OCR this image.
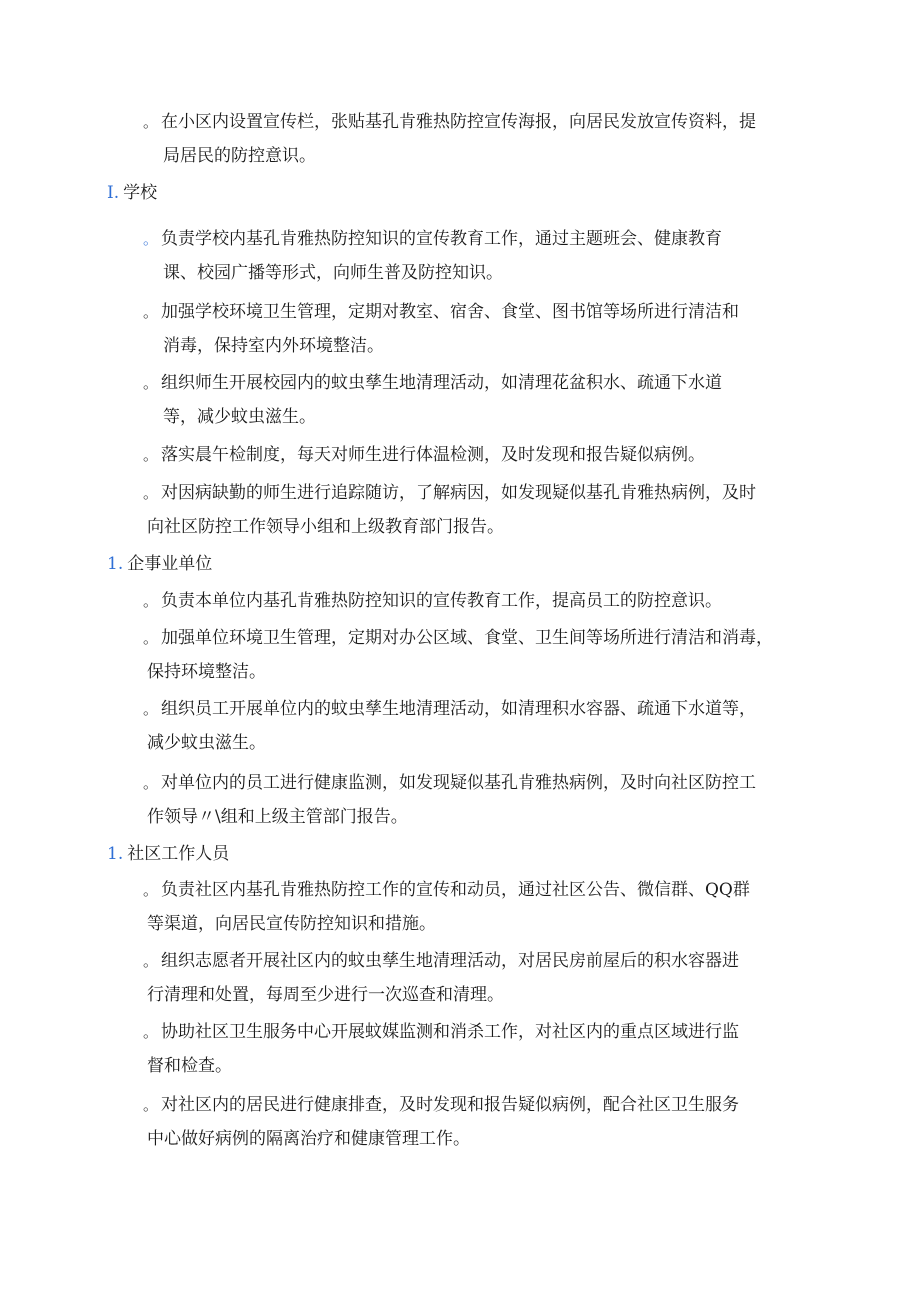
。 在小区内设置宣传栏，张贴基孔肯雅热防控宣传海报，向居民发放宣传资料，提
局居民的防控意识。
I. 学校
。 负责学校内基孔肯雅热防控知识的宣传教育工作，通过主题班会、健康教育
课、校园广播等形式，向师生普及防控知识。
。 加强学校环境卫生管理，定期对教室、宿舍、食堂、图书馆等场所进行清洁和
消毒，保持室内外环境整洁。
。 组织师生开展校园内的蚊虫孳生地清理活动，如清理花盆积水、疏通下水道
等，减少蚊虫滋生。
。 落实晨午检制度，每天对师生进行体温检测，及时发现和报告疑似病例。
。 对因病缺勤的师生进行追踪随访，了解病因，如发现疑似基孔肯雅热病例，及时
向社区防控工作领导小组和上级教育部门报告。
1. 企事业单位
。 负责本单位内基孔肯雅热防控知识的宣传教育工作，提高员工的防控意识。
。 加强单位环境卫生管理，定期对办公区域、食堂、卫生间等场所进行清洁和消毒，
保持环境整洁。
。 组织员工开展单位内的蚊虫孳生地清理活动，如清理积水容器、疏通下水道等，
减少蚊虫滋生。
。 对单位内的员工进行健康监测，如发现疑似基孔肯雅热病例，及时向社区防控工
作领导〃\组和上级主管部门报告。
1. 社区工作人员
。 负责社区内基孔肯雅热防控工作的宣传和动员，通过社区公告、微信群、QQ群
等渠道，向居民宣传防控知识和措施。
。 组织志愿者开展社区内的蚊虫孳生地清理活动，对居民房前屋后的积水容器进
行清理和处置，每周至少进行一次巡查和清理。
。 协助社区卫生服务中心开展蚊媒监测和消杀工作，对社区内的重点区域进行监
督和检查。
。 对社区内的居民进行健康排查，及时发现和报告疑似病例，配合社区卫生服务
中心做好病例的隔离治疗和健康管理工作。
